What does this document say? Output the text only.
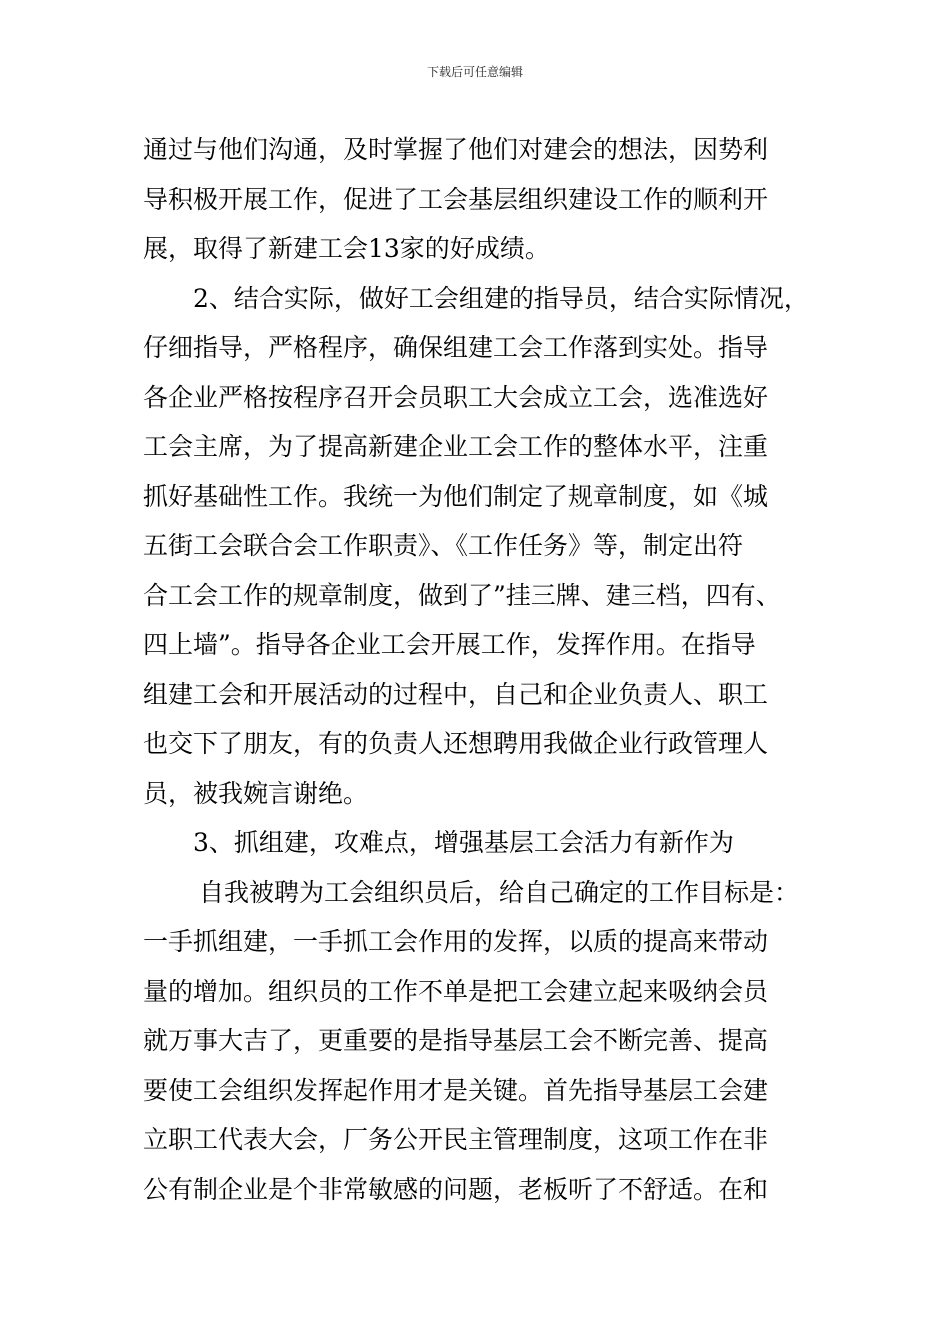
下载后可任意编辑
通过与他们沟通，及时掌握了他们对建会的想法，因势利
导积极开展工作，促进了工会基层组织建设工作的顺利开
展，取得了新建工会13家的好成绩。
2、结合实际，做好工会组建的指导员，结合实际情况，
仔细指导，严格程序，确保组建工会工作落到实处。指导
各企业严格按程序召开会员职工大会成立工会，选准选好
工会主席，为了提高新建企业工会工作的整体水平，注重
抓好基础性工作。我统一为他们制定了规章制度，如《城
五街工会联合会工作职责》、《工作任务》等，制定出符
合工会工作的规章制度，做到了”挂三牌、建三档，四有、
四上墙”。指导各企业工会开展工作，发挥作用。在指导
组建工会和开展活动的过程中，自己和企业负责人、职工
也交下了朋友，有的负责人还想聘用我做企业行政管理人
员，被我婉言谢绝。
3、抓组建，攻难点，增强基层工会活力有新作为
自我被聘为工会组织员后，给自己确定的工作目标是：
一手抓组建，一手抓工会作用的发挥，以质的提高来带动
量的增加。组织员的工作不单是把工会建立起来吸纳会员
就万事大吉了，更重要的是指导基层工会不断完善、提高
要使工会组织发挥起作用才是关键。首先指导基层工会建
立职工代表大会，厂务公开民主管理制度，这项工作在非
公有制企业是个非常敏感的问题，老板听了不舒适。在和
